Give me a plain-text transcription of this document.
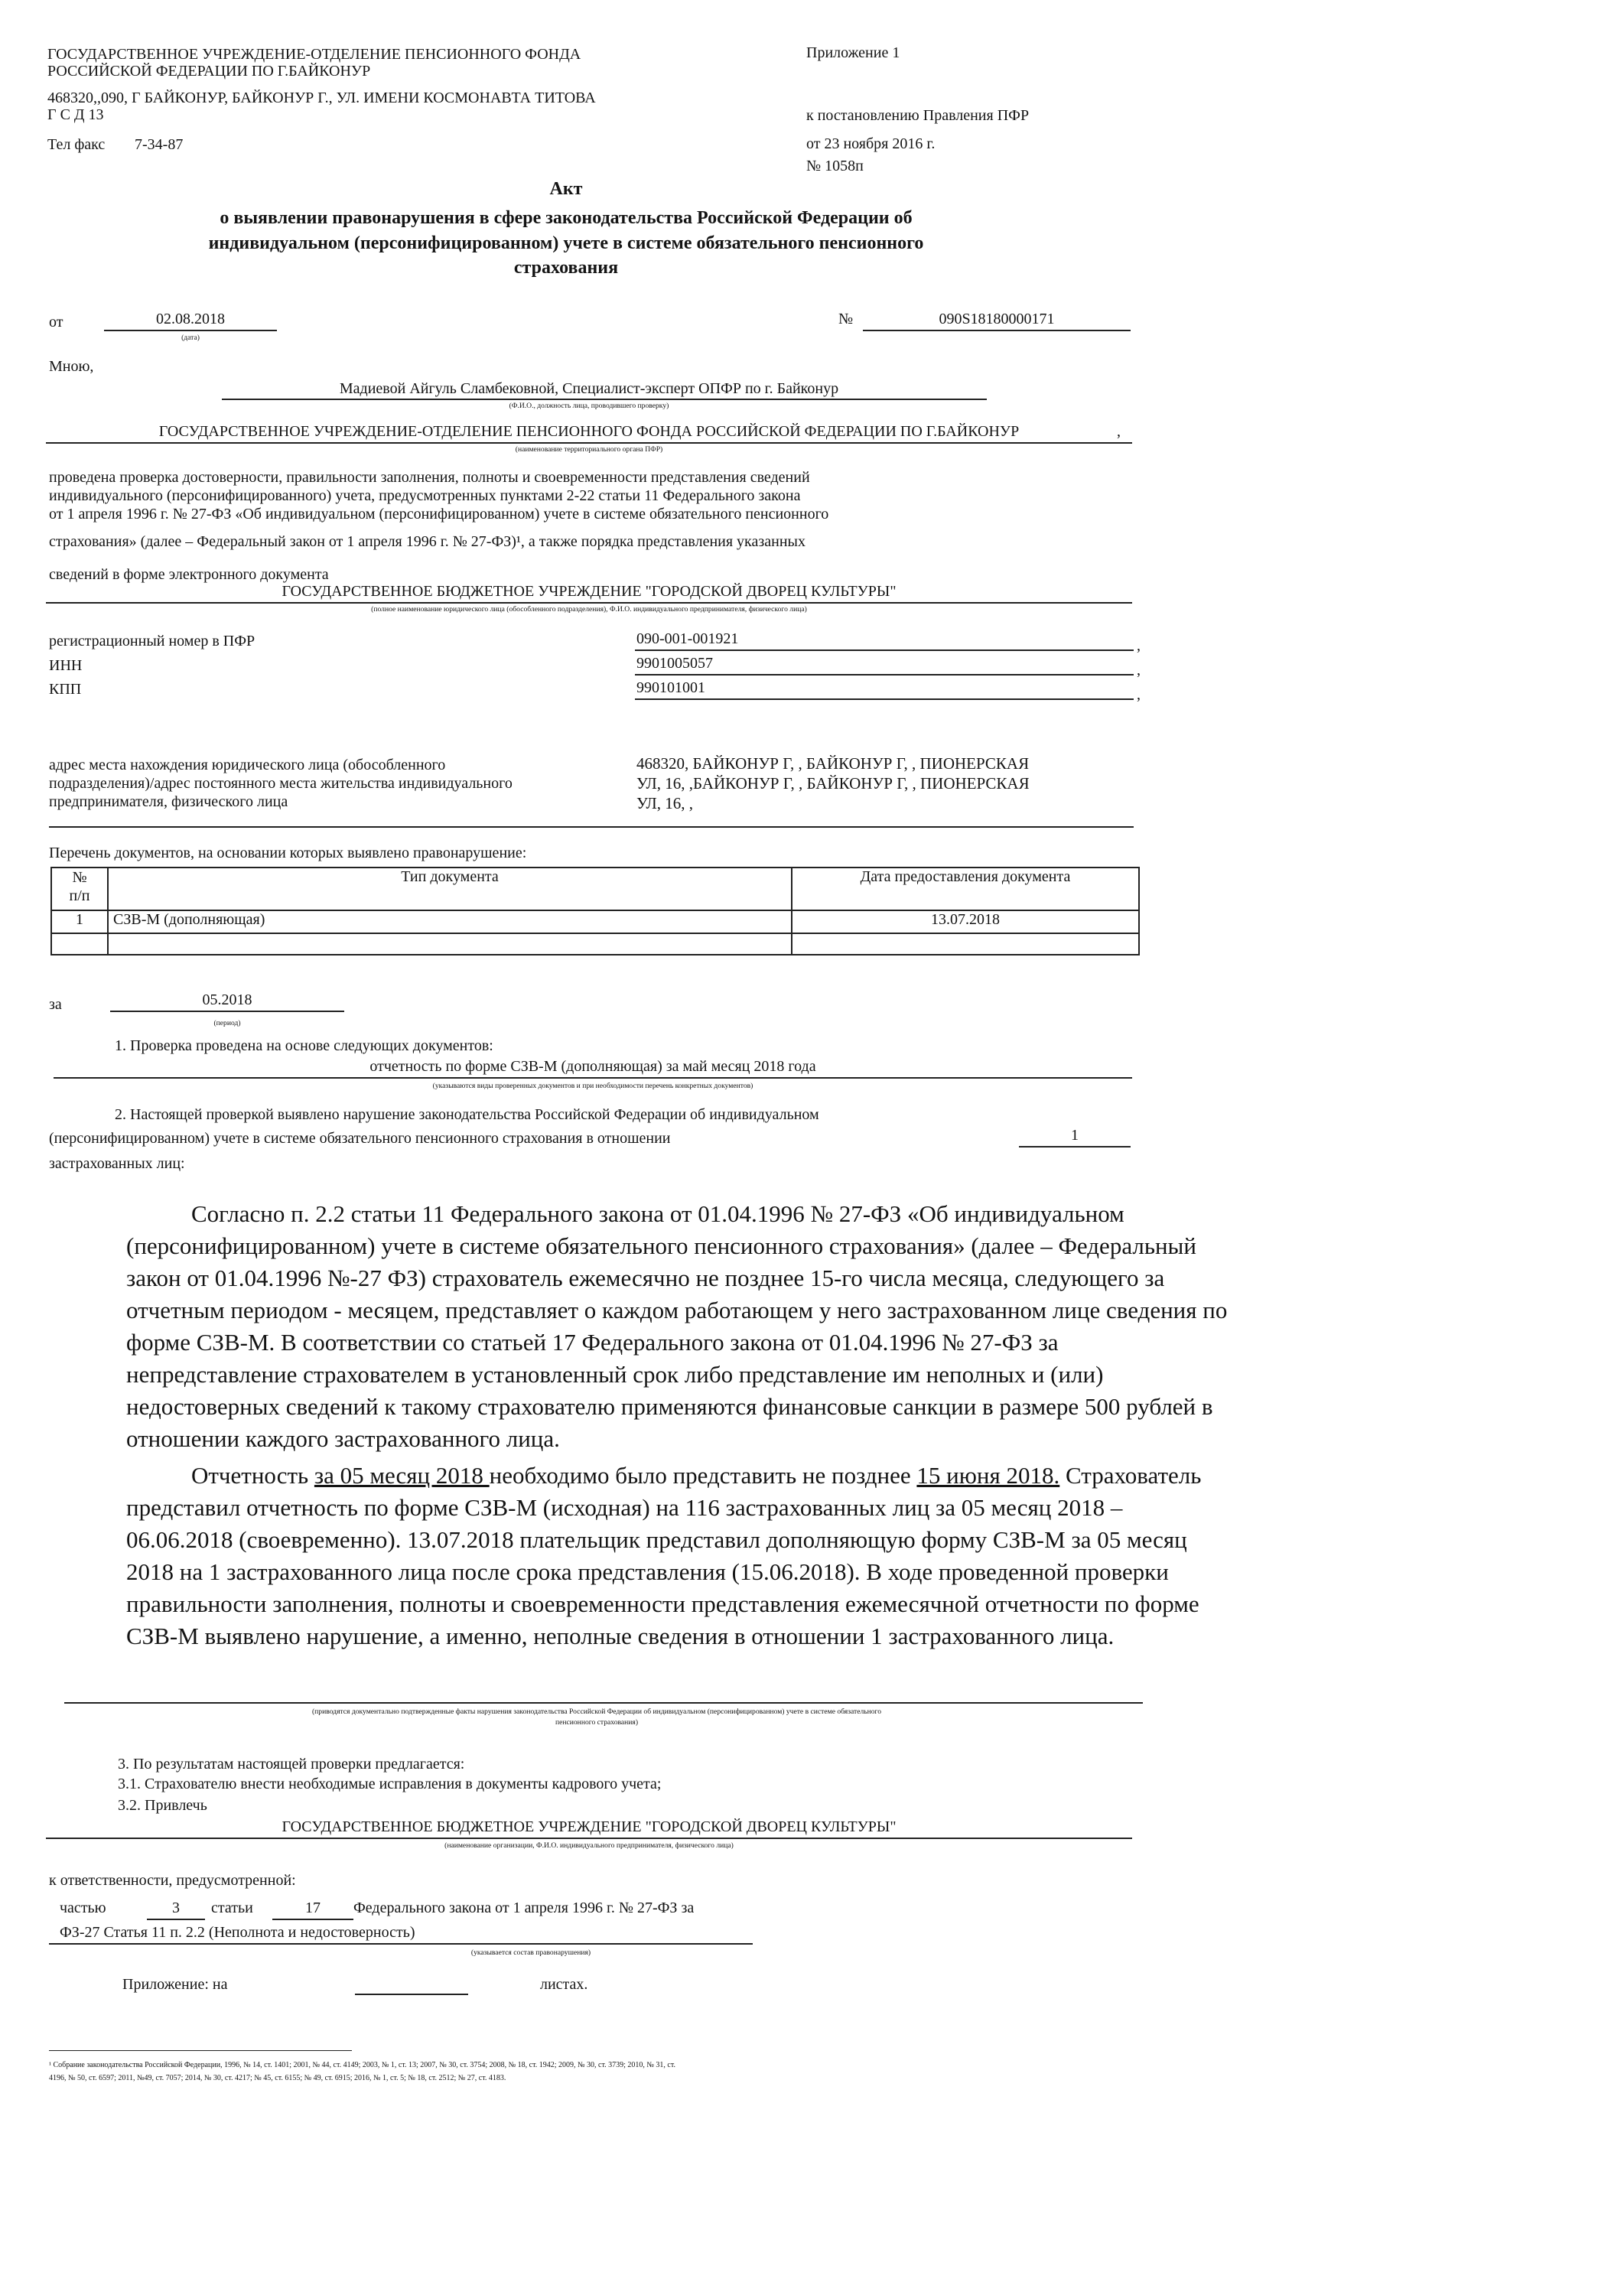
ГОСУДАРСТВЕННОЕ УЧРЕЖДЕНИЕ-ОТДЕЛЕНИЕ ПЕНСИОННОГО ФОНДА
РОССИЙСКОЙ ФЕДЕРАЦИИ ПО Г.БАЙКОНУР
468320,,090, Г БАЙКОНУР, БАЙКОНУР Г., УЛ. ИМЕНИ КОСМОНАВТА ТИТОВА
Г С Д 13
Тел факс 7-34-87
Приложение 1
к постановлению Правления ПФР
от 23 ноября 2016 г.
№ 1058п
Акт
о выявлении правонарушения в сфере законодательства Российской Федерации об
индивидуальном (персонифицированном) учете в системе обязательного пенсионного
страхования
от	02.08.2018
(дата)
№	090S18180000171
Мною,
Мадиевой Айгуль Сламбековной, Специалист-эксперт ОПФР по г. Байконур
(Ф.И.О., должность лица, проводившего проверку)
ГОСУДАРСТВЕННОЕ УЧРЕЖДЕНИЕ-ОТДЕЛЕНИЕ ПЕНСИОННОГО ФОНДА РОССИЙСКОЙ ФЕДЕРАЦИИ ПО Г.БАЙКОНУР	,
(наименование территориального органа ПФР)
проведена проверка достоверности, правильности заполнения, полноты и своевременности представления сведений
индивидуального (персонифицированного) учета, предусмотренных пунктами 2-22 статьи 11 Федерального закона
от 1 апреля 1996 г. № 27-ФЗ «Об индивидуальном (персонифицированном) учете в системе обязательного пенсионного
страхования» (далее – Федеральный закон от 1 апреля 1996 г. № 27-ФЗ)¹, а также порядка представления указанных
сведений в форме электронного документа
ГОСУДАРСТВЕННОЕ БЮДЖЕТНОЕ УЧРЕЖДЕНИЕ "ГОРОДСКОЙ ДВОРЕЦ КУЛЬТУРЫ"
(полное наименование юридического лица (обособленного подразделения), Ф.И.О. индивидуального предпринимателя, физического лица)
регистрационный номер в ПФР	090-001-001921	,
ИНН	9901005057	,
КПП	990101001	,
адрес места нахождения юридического лица (обособленного
подразделения)/адрес постоянного места жительства индивидуального
предпринимателя, физического лица
468320, БАЙКОНУР Г, , БАЙКОНУР Г, , ПИОНЕРСКАЯ
УЛ, 16, ,БАЙКОНУР Г, , БАЙКОНУР Г, , ПИОНЕРСКАЯ
УЛ, 16, ,
Перечень документов, на основании которых выявлено правонарушение:
№
п/п	Тип документа	Дата предоставления документа
1	СЗВ-М (дополняющая)	13.07.2018

за	05.2018
(период)
1. Проверка проведена на основе следующих документов:
отчетность по форме СЗВ-М (дополняющая) за май месяц 2018 года
(указываются виды проверенных документов и при необходимости перечень конкретных документов)
2. Настоящей проверкой выявлено нарушение законодательства Российской Федерации об индивидуальном
(персонифицированном) учете в системе обязательного пенсионного страхования в отношении	1
застрахованных лиц:
Согласно п. 2.2 статьи 11 Федерального закона от 01.04.1996 № 27-ФЗ «Об индивидуальном
(персонифицированном) учете в системе обязательного пенсионного страхования» (далее – Федеральный
закон от 01.04.1996 №-27 ФЗ) страхователь ежемесячно не позднее 15-го числа месяца, следующего за
отчетным периодом - месяцем, представляет о каждом работающем у него застрахованном лице сведения по
форме СЗВ-М. В соответствии со статьей 17 Федерального закона от 01.04.1996 № 27-ФЗ за
непредставление страхователем в установленный срок либо представление им неполных и (или)
недостоверных сведений к такому страхователю применяются финансовые санкции в размере 500 рублей в
отношении каждого застрахованного лица.
Отчетность за 05 месяц 2018 необходимо было представить не позднее 15 июня 2018. Страхователь
представил отчетность по форме СЗВ-М (исходная) на 116 застрахованных лиц за 05 месяц 2018 –
06.06.2018 (своевременно). 13.07.2018 плательщик представил дополняющую форму СЗВ-М за 05 месяц
2018 на 1 застрахованного лица после срока представления (15.06.2018). В ходе проведенной проверки
правильности заполнения, полноты и своевременности представления ежемесячной отчетности по форме
СЗВ-М выявлено нарушение, а именно, неполные сведения в отношении 1 застрахованного лица.
(приводятся документально подтвержденные факты нарушения законодательства Российской Федерации об индивидуальном (персонифицированном) учете в системе обязательного
пенсионного страхования)
3. По результатам настоящей проверки предлагается:
3.1. Страхователю внести необходимые исправления в документы кадрового учета;
3.2. Привлечь
ГОСУДАРСТВЕННОЕ БЮДЖЕТНОЕ УЧРЕЖДЕНИЕ "ГОРОДСКОЙ ДВОРЕЦ КУЛЬТУРЫ"
(наименование организации, Ф.И.О. индивидуального предпринимателя, физического лица)
к ответственности, предусмотренной:
частью	3	статьи	17	Федерального закона от 1 апреля 1996 г. № 27-ФЗ за
ФЗ-27 Статья 11 п. 2.2 (Неполнота и недостоверность)
(указывается состав правонарушения)
Приложение: на	листах.
¹ Собрание законодательства Российской Федерации, 1996, № 14, ст. 1401; 2001, № 44, ст. 4149; 2003, № 1, ст. 13; 2007, № 30, ст. 3754; 2008, № 18, ст. 1942; 2009, № 30, ст. 3739; 2010, № 31, ст.
4196, № 50, ст. 6597; 2011, №49, ст. 7057; 2014, № 30, ст. 4217; № 45, ст. 6155; № 49, ст. 6915; 2016, № 1, ст. 5; № 18, ст. 2512; № 27, ст. 4183.
